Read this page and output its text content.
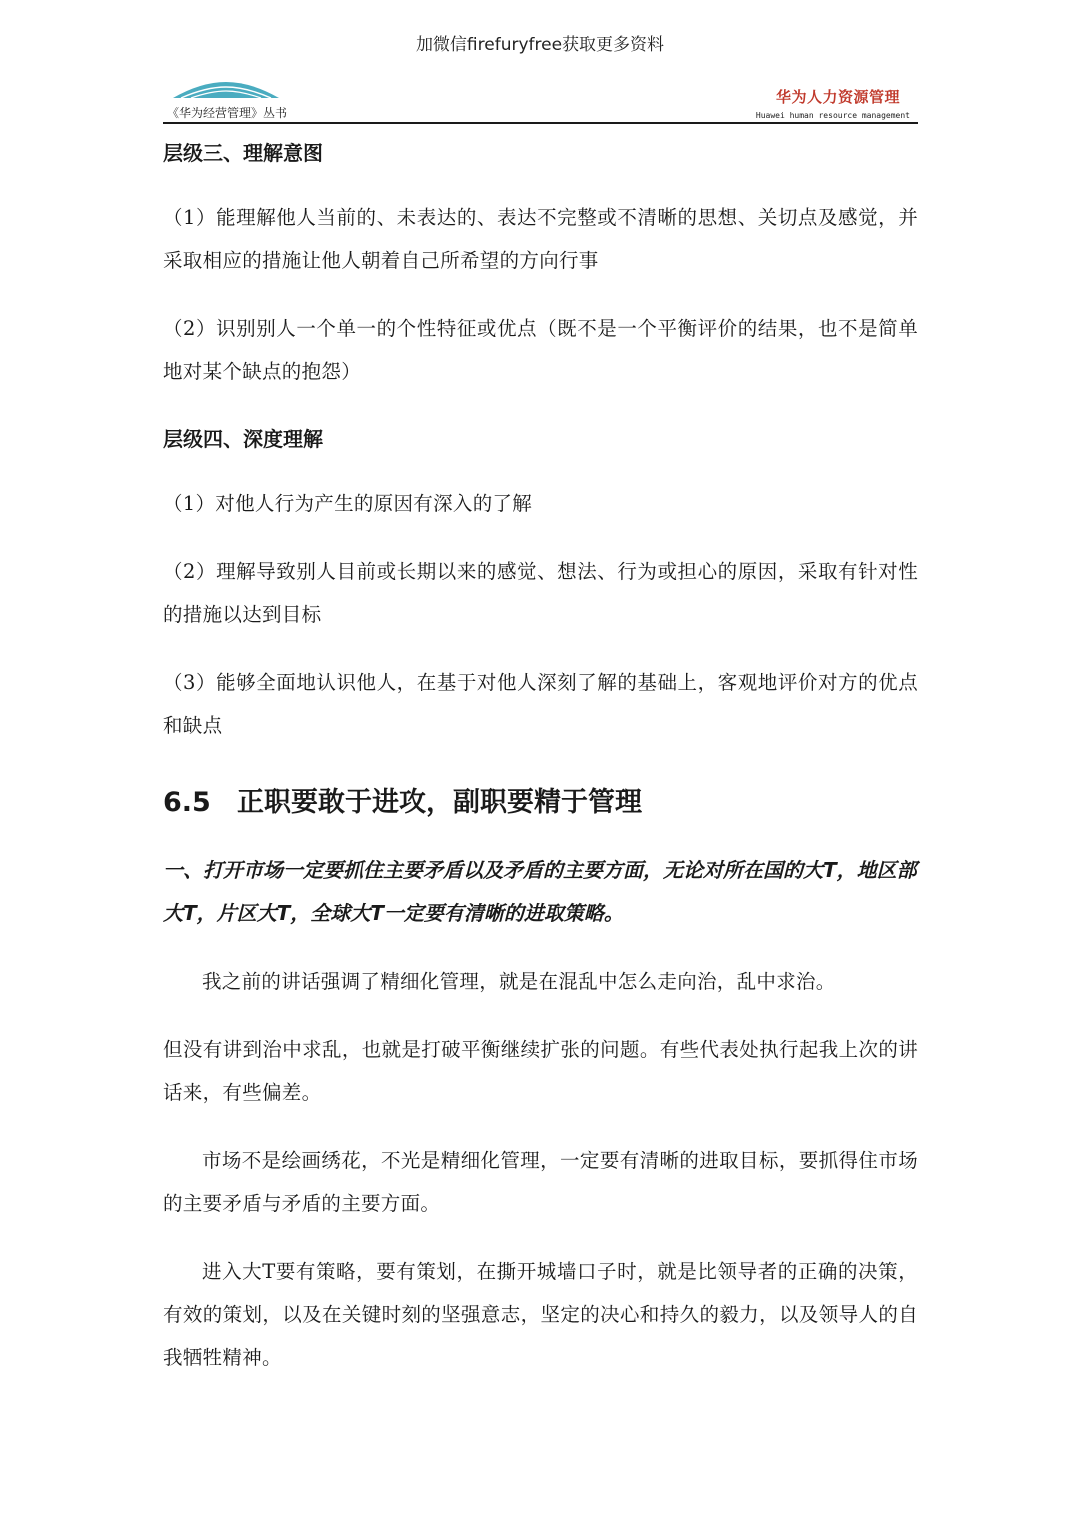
加微信firefuryfree获取更多资料
《华为经营管理》丛书
华为人力资源管理
Huawei human resource management

层级三、理解意图

（1）能理解他人当前的、未表达的、表达不完整或不清晰的思想、关切点及感觉，并采取相应的措施让他人朝着自己所希望的方向行事

（2）识别别人一个单一的个性特征或优点（既不是一个平衡评价的结果，也不是简单地对某个缺点的抱怨）

层级四、深度理解

（1）对他人行为产生的原因有深入的了解

（2）理解导致别人目前或长期以来的感觉、想法、行为或担心的原因，采取有针对性的措施以达到目标

（3）能够全面地认识他人，在基于对他人深刻了解的基础上，客观地评价对方的优点和缺点

6.5 正职要敢于进攻，副职要精于管理

一、打开市场一定要抓住主要矛盾以及矛盾的主要方面，无论对所在国的大T，地区部大T，片区大T，全球大T一定要有清晰的进取策略。

我之前的讲话强调了精细化管理，就是在混乱中怎么走向治，乱中求治。

但没有讲到治中求乱，也就是打破平衡继续扩张的问题。有些代表处执行起我上次的讲话来，有些偏差。

市场不是绘画绣花，不光是精细化管理，一定要有清晰的进取目标，要抓得住市场的主要矛盾与矛盾的主要方面。

进入大T要有策略，要有策划，在撕开城墙口子时，就是比领导者的正确的决策，有效的策划，以及在关键时刻的坚强意志，坚定的决心和持久的毅力，以及领导人的自我牺牲精神。
